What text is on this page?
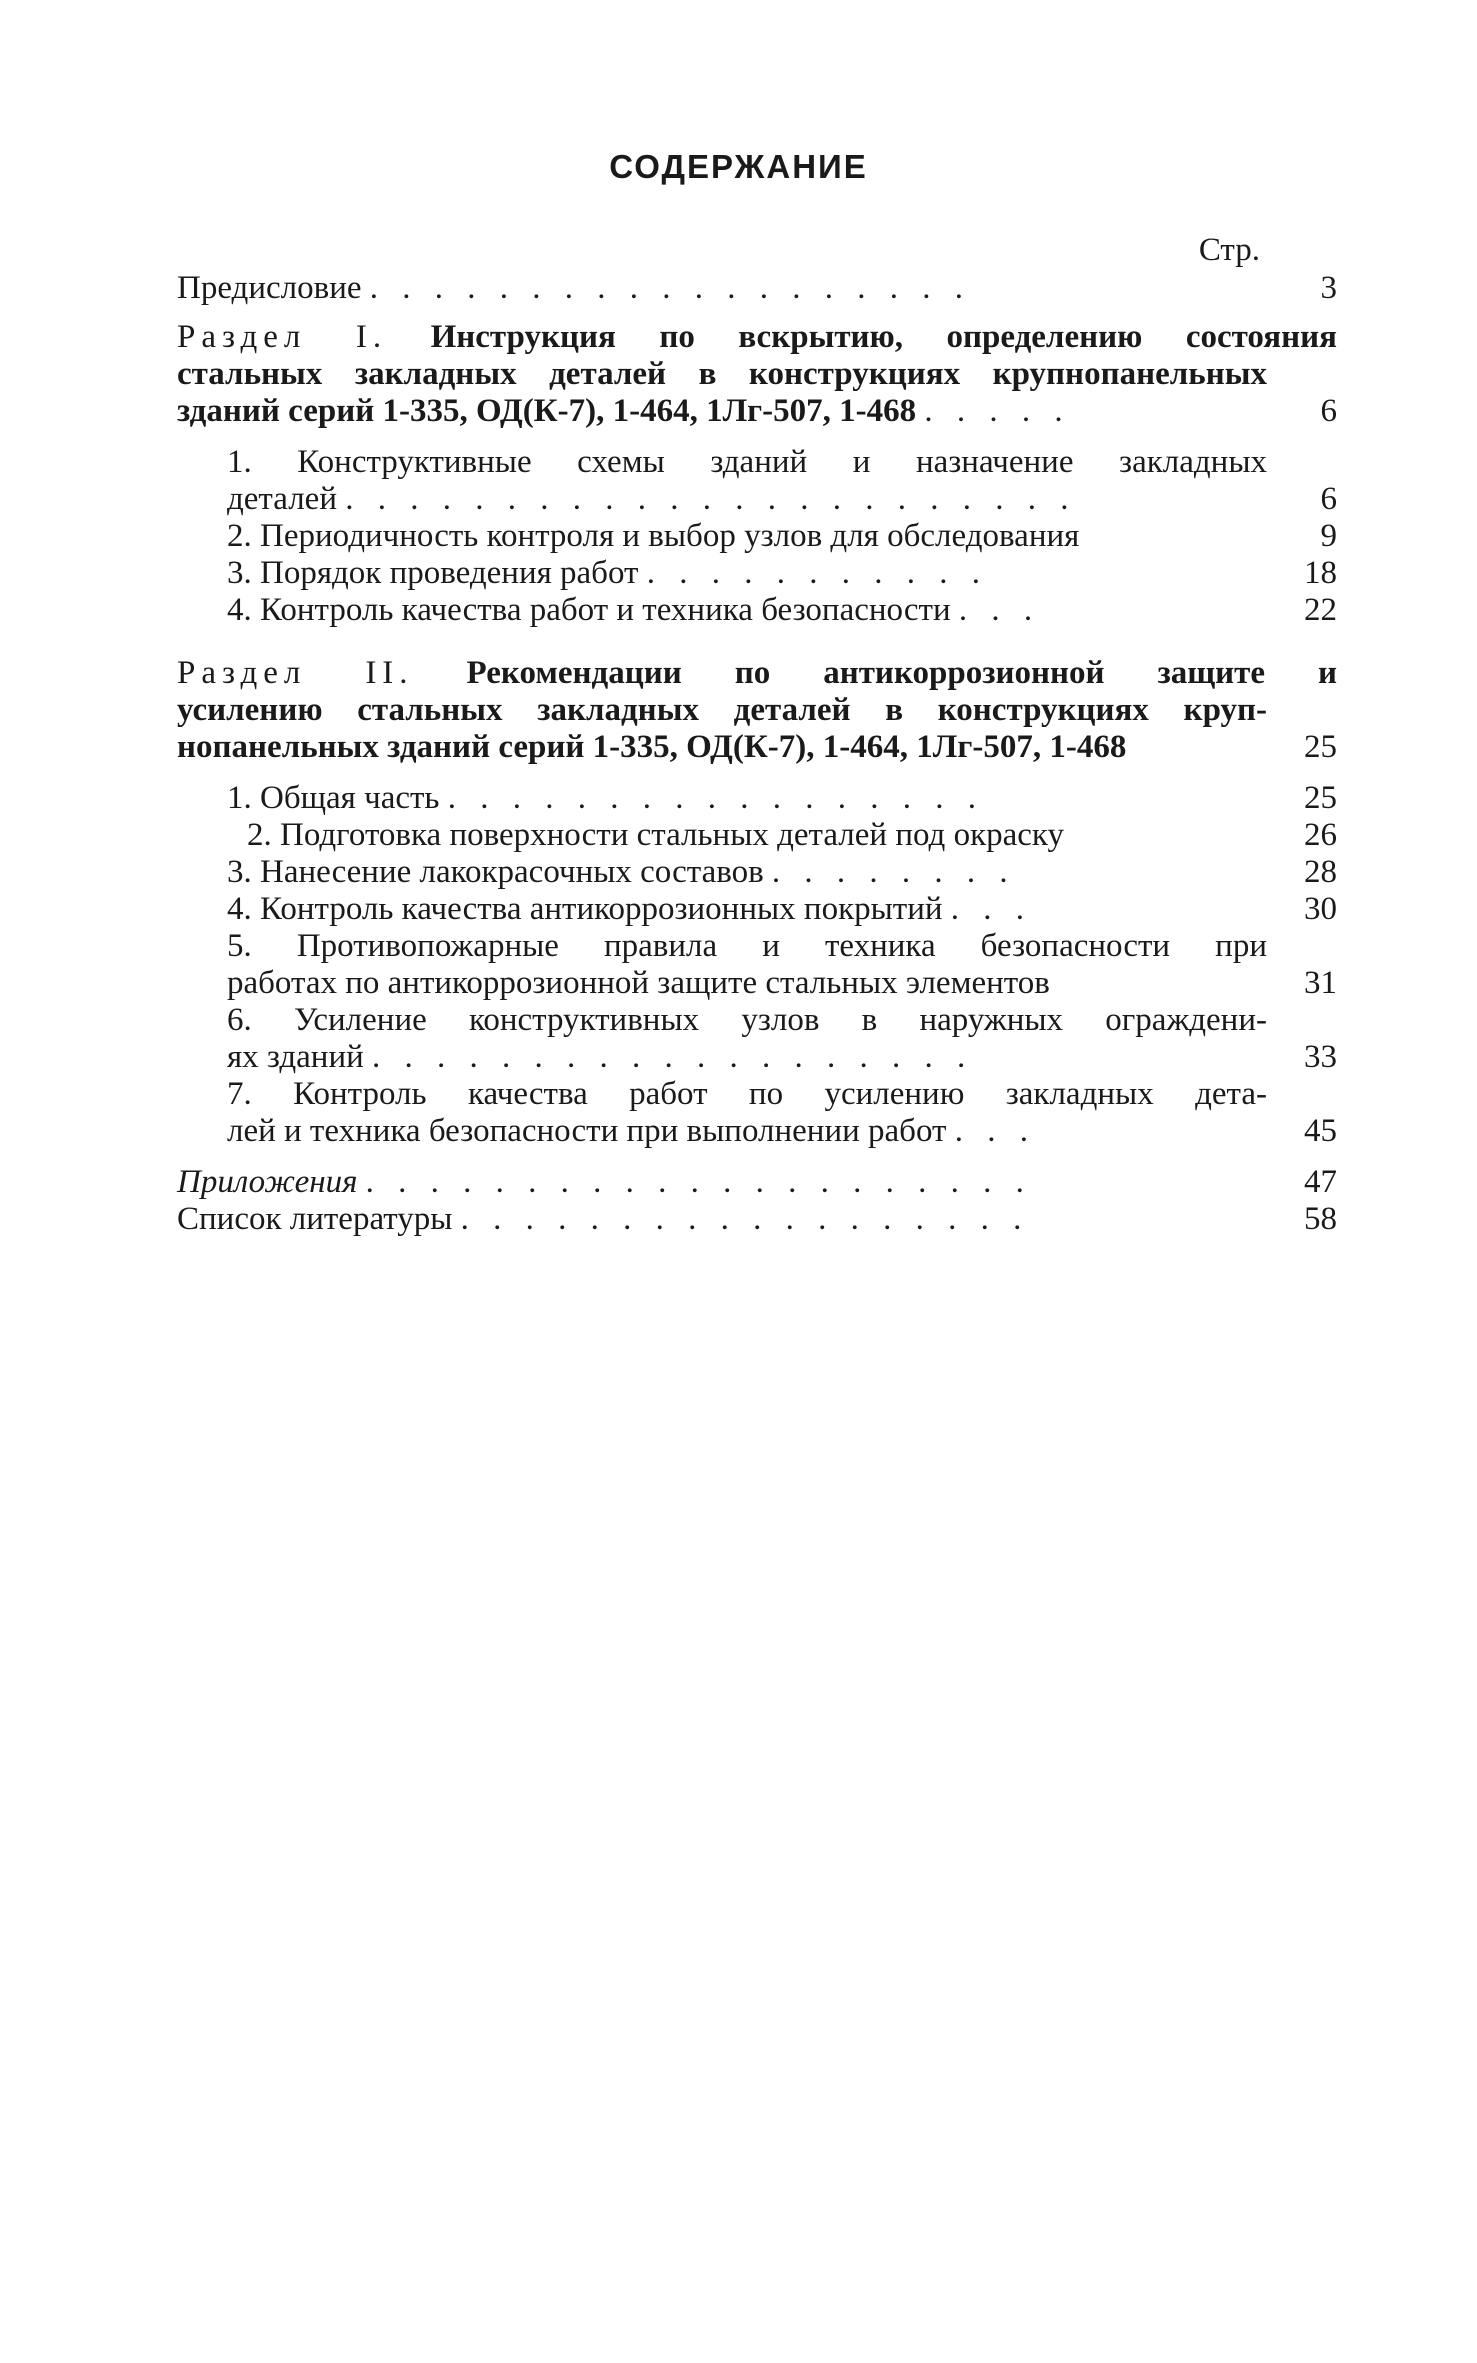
СОДЕРЖАНИЕ
Стр.
Предисловие . . . . . . . . . . . . . . . . . . .	3
Раздел I. Инструкция по вскрытию, определению состояния
стальных закладных деталей в конструкциях крупнопанельных
зданий серий 1-335, ОД(К-7), 1-464, 1Лг-507, 1-468 . . . . .	6
1. Конструктивные схемы зданий и назначение закладных
деталей . . . . . . . . . . . . . . . . . . . . . . .	6
2. Периодичность контроля и выбор узлов для обследования	9
3. Порядок проведения работ . . . . . . . . . . .	18
4. Контроль качества работ и техника безопасности . . .	22
Раздел II. Рекомендации по антикоррозионной защите и
усилению стальных закладных деталей в конструкциях круп-
нопанельных зданий серий 1-335, ОД(К-7), 1-464, 1Лг-507, 1-468	25
1. Общая часть . . . . . . . . . . . . . . . . .	25
2. Подготовка поверхности стальных деталей под окраску	26
3. Нанесение лакокрасочных составов . . . . . . . .	28
4. Контроль качества антикоррозионных покрытий . . .	30
5. Противопожарные правила и техника безопасности при
работах по антикоррозионной защите стальных элементов	31
6. Усиление конструктивных узлов в наружных ограждени-
ях зданий . . . . . . . . . . . . . . . . . . .	33
7. Контроль качества работ по усилению закладных дета-
лей и техника безопасности при выполнении работ . . .	45
Приложения . . . . . . . . . . . . . . . . . . . . .	47
Список литературы . . . . . . . . . . . . . . . . . .	58
